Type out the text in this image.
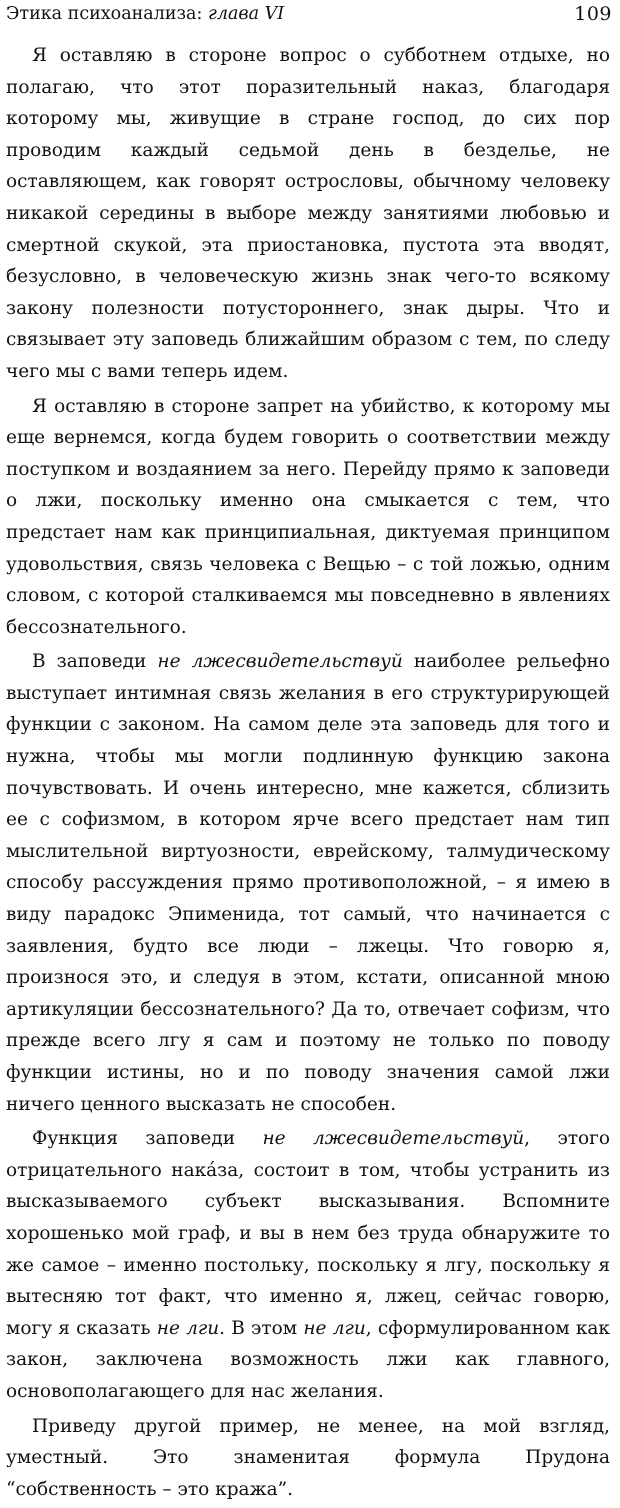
Этика психоанализа: глава VI	109

Я оставляю в стороне вопрос о субботнем отдыхе, но полагаю, что этот поразительный наказ, благодаря которому мы, живущие в стране господ, до сих пор проводим каждый седьмой день в безделье, не оставляющем, как говорят острословы, обычному человеку никакой середины в выборе между занятиями любовью и смертной скукой, эта приостановка, пустота эта вводят, безусловно, в человеческую жизнь знак чего-то всякому закону полезности потустороннего, знак дыры. Что и связывает эту заповедь ближайшим образом с тем, по следу чего мы с вами теперь идем.

Я оставляю в стороне запрет на убийство, к которому мы еще вернемся, когда будем говорить о соответствии между поступком и воздаянием за него. Перейду прямо к заповеди о лжи, поскольку именно она смыкается с тем, что предстает нам как принципиальная, диктуемая принципом удовольствия, связь человека с Вещью – с той ложью, одним словом, с которой сталкиваемся мы повседневно в явлениях бессознательного.

В заповеди не лжесвидетельствуй наиболее рельефно выступает интимная связь желания в его структурирующей функции с законом. На самом деле эта заповедь для того и нужна, чтобы мы могли подлинную функцию закона почувствовать. И очень интересно, мне кажется, сблизить ее с софизмом, в котором ярче всего предстает нам тип мыслительной виртуозности, еврейскому, талмудическому способу рассуждения прямо противоположной, – я имею в виду парадокс Эпименида, тот самый, что начинается с заявления, будто все люди – лжецы. Что говорю я, произнося это, и следуя в этом, кстати, описанной мною артикуляции бессознательного? Да то, отвечает софизм, что прежде всего лгу я сам и поэтому не только по поводу функции истины, но и по поводу значения самой лжи ничего ценного высказать не способен.

Функция заповеди не лжесвидетельствуй, этого отрицательного нака́за, состоит в том, чтобы устранить из высказываемого субъект высказывания. Вспомните хорошенько мой граф, и вы в нем без труда обнаружите то же самое – именно постольку, поскольку я лгу, поскольку я вытесняю тот факт, что именно я, лжец, сейчас говорю, могу я сказать не лги. В этом не лги, сформулированном как закон, заключена возможность лжи как главного, основополагающего для нас желания.

Приведу другой пример, не менее, на мой взгляд, уместный. Это знаменитая формула Прудона “собственность – это кража”.
